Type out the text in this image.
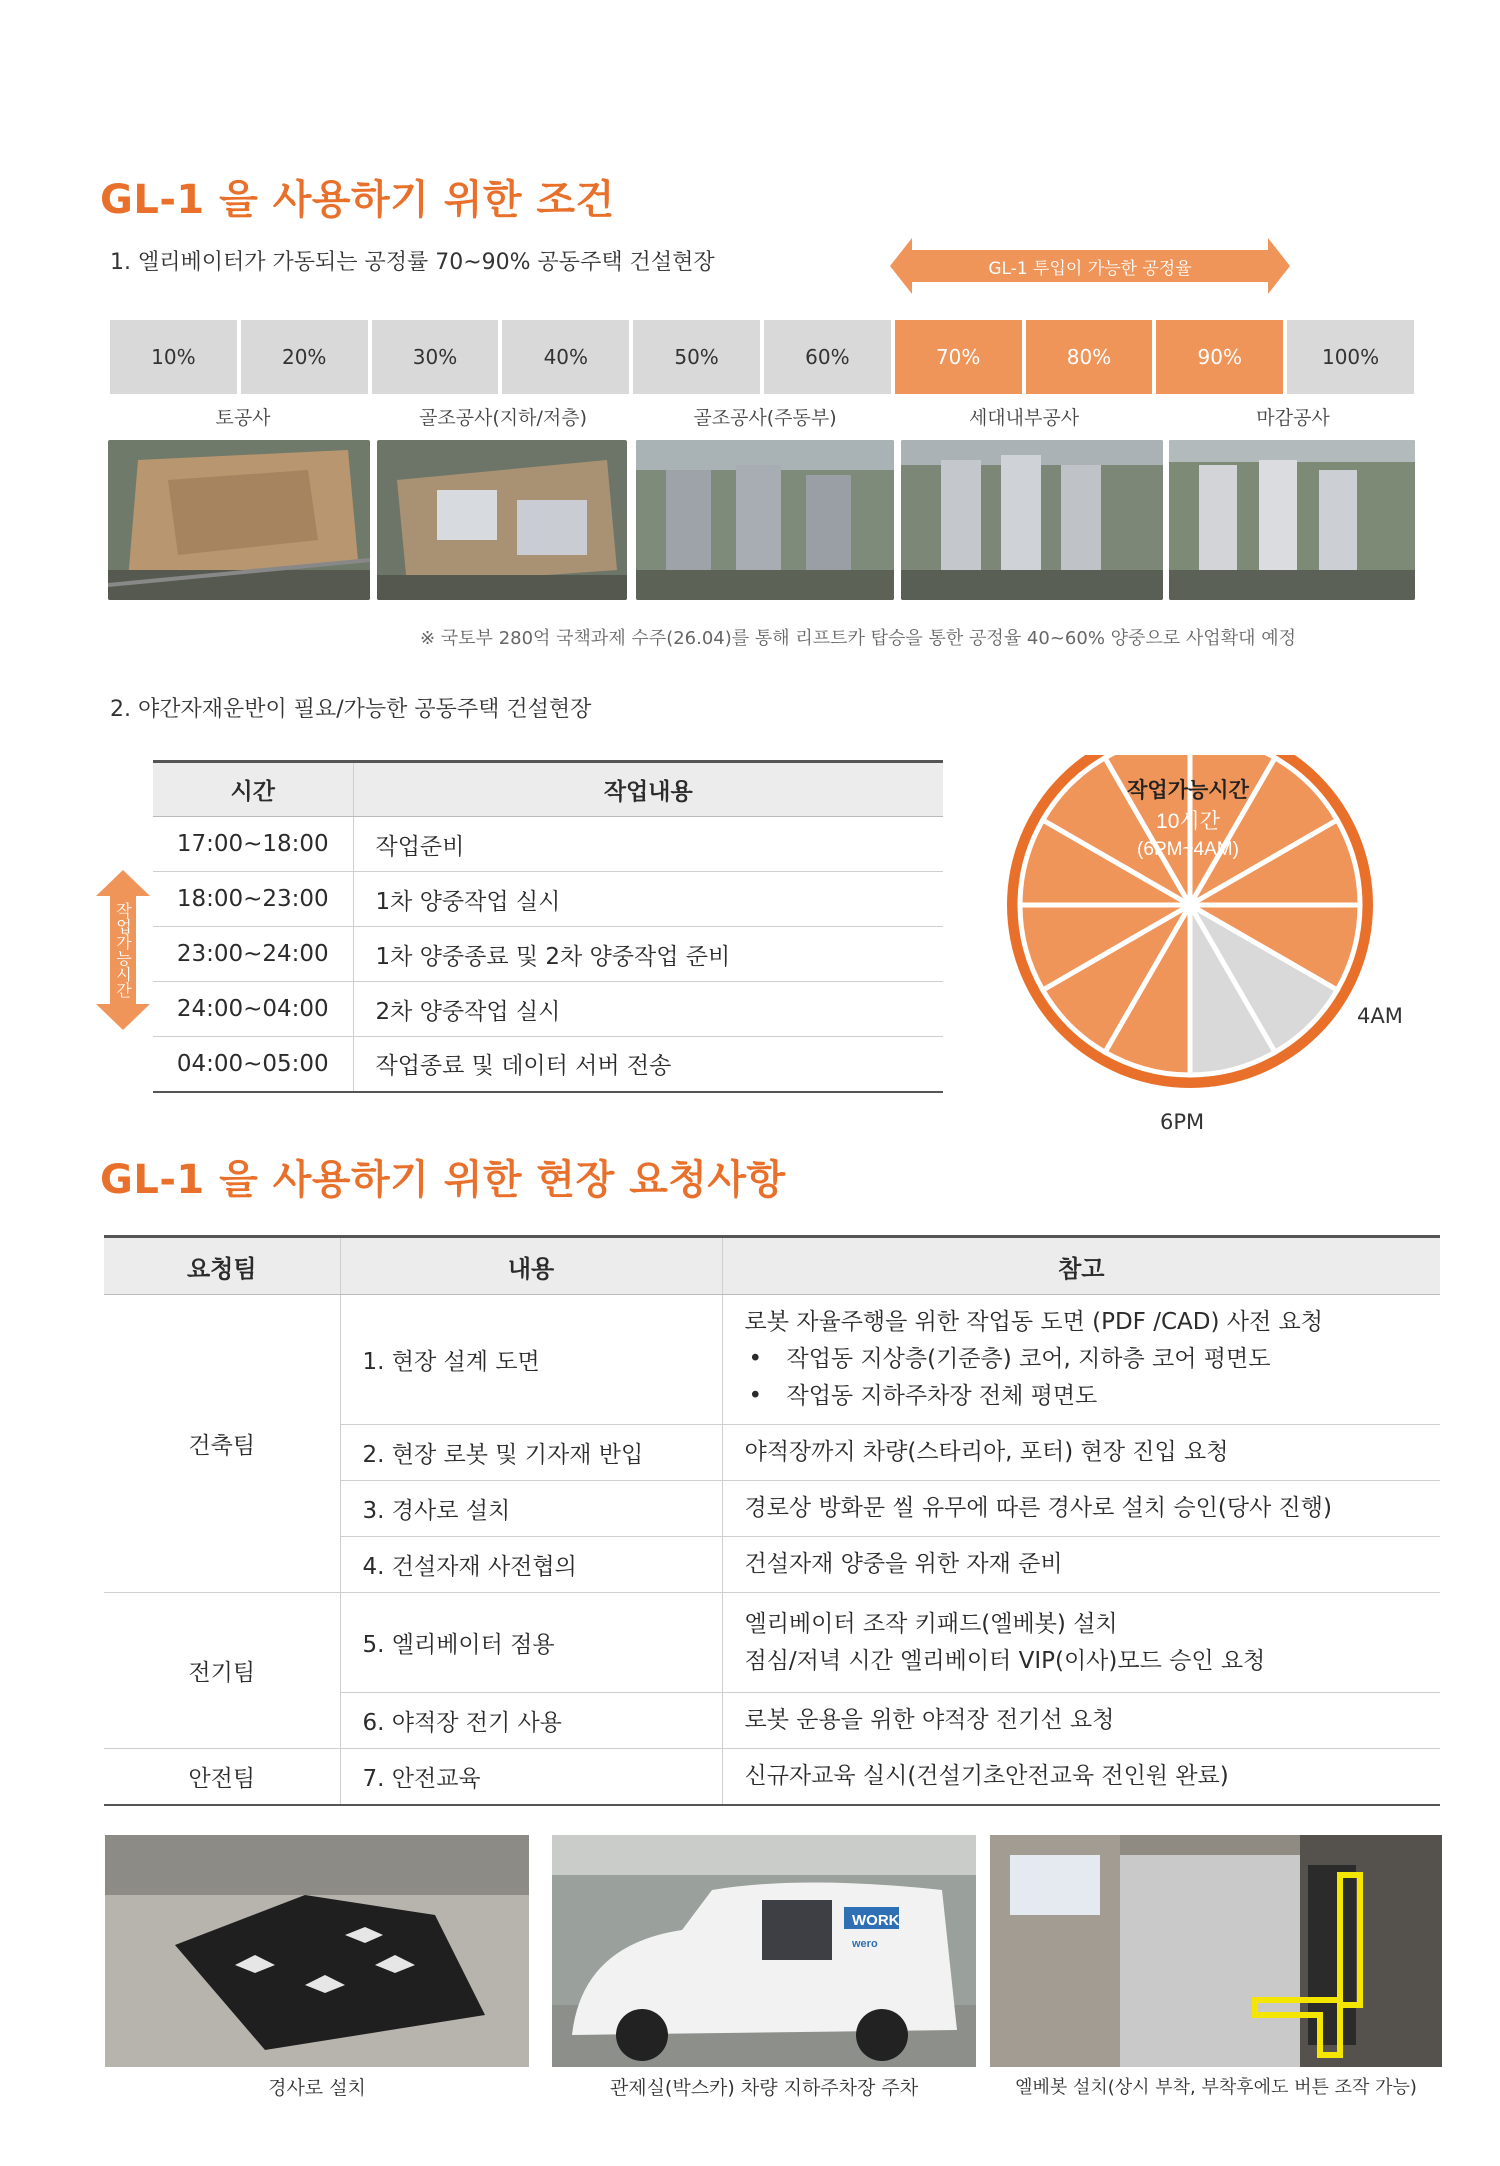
GL-1 을 사용하기 위한 조건
1. 엘리베이터가 가동되는 공정률 70~90% 공동주택 건설현장	GL-1 투입이 가능한 공정율
10%	20%	30%	40%	50%	60%	70%	80%	90%	100%
토공사	골조공사(지하/저층)	골조공사(주동부)	세대내부공사	마감공사
※ 국토부 280억 국책과제 수주(26.04)를 통해 리프트카 탑승을 통한 공정율 40~60% 양중으로 사업확대 예정
2. 야간자재운반이 필요/가능한 공동주택 건설현장
작업가능시간
시간	작업내용
17:00~18:00	작업준비
18:00~23:00	1차 양중작업 실시
23:00~24:00	1차 양중종료 및 2차 양중작업 준비
24:00~04:00	2차 양중작업 실시
04:00~05:00	작업종료 및 데이터 서버 전송
작업가능시간
10시간
(6PM~4AM)
4AM
6PM
GL-1 을 사용하기 위한 현장 요청사항
요청팀	내용	참고
건축팀	1. 현장 설계 도면	로봇 자율주행을 위한 작업동 도면 (PDF /CAD) 사전 요청
• 작업동 지상층(기준층) 코어, 지하층 코어 평면도
• 작업동 지하주차장 전체 평면도

	2. 현장 로봇 및 기자재 반입	야적장까지 차량(스타리아, 포터) 현장 진입 요청
	3. 경사로 설치	경로상 방화문 씰 유무에 따른 경사로 설치 승인(당사 진행)
	4. 건설자재 사전협의	건설자재 양중을 위한 자재 준비
전기팀	5. 엘리베이터 점용	엘리베이터 조작 키패드(엘베봇) 설치
점심/저녁 시간 엘리베이터 VIP(이사)모드 승인 요청

	6. 야적장 전기 사용	로봇 운용을 위한 야적장 전기선 요청
안전팀	7. 안전교육	신규자교육 실시(건설기초안전교육 전인원 완료)
WORK
wero
경사로 설치	관제실(박스카) 차량 지하주차장 주차	엘베봇 설치(상시 부착, 부착후에도 버튼 조작 가능)
